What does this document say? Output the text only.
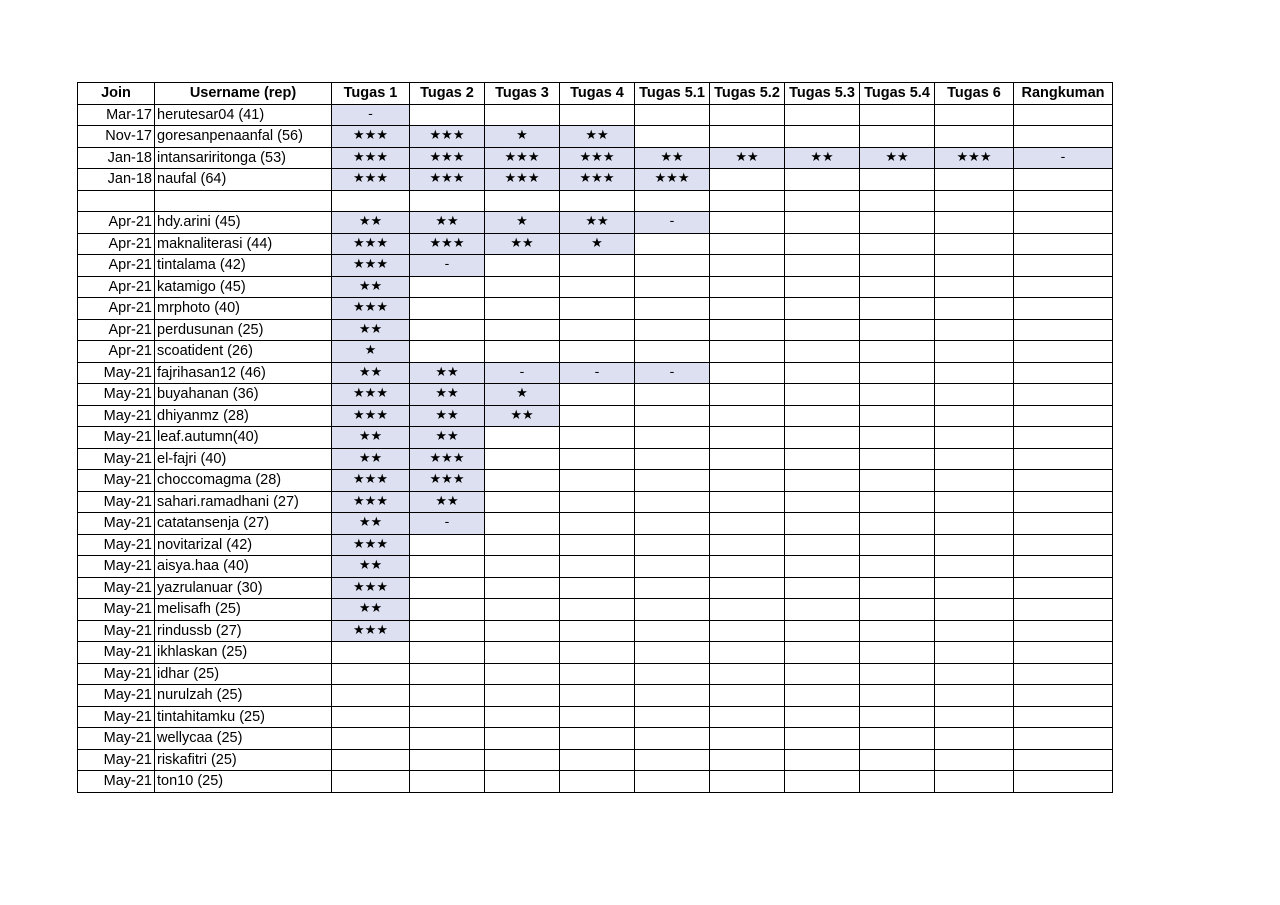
Join	Username (rep)	Tugas 1	Tugas 2	Tugas 3	Tugas 4	Tugas 5.1	Tugas 5.2	Tugas 5.3	Tugas 5.4	Tugas 6	Rangkuman
Mar-17	herutesar04 (41)	-									
Nov-17	goresanpenaanfal (56)	★★★	★★★	★	★★						
Jan-18	intansariritonga (53)	★★★	★★★	★★★	★★★	★★	★★	★★	★★	★★★	-
Jan-18	naufal (64)	★★★	★★★	★★★	★★★	★★★					

Apr-21	hdy.arini (45)	★★	★★	★	★★	-					
Apr-21	maknaliterasi (44)	★★★	★★★	★★	★						
Apr-21	tintalama (42)	★★★	-								
Apr-21	katamigo (45)	★★									
Apr-21	mrphoto (40)	★★★									
Apr-21	perdusunan (25)	★★									
Apr-21	scoatident (26)	★									
May-21	fajrihasan12 (46)	★★	★★	-	-	-					
May-21	buyahanan (36)	★★★	★★	★							
May-21	dhiyanmz (28)	★★★	★★	★★							
May-21	leaf.autumn(40)	★★	★★								
May-21	el-fajri (40)	★★	★★★								
May-21	choccomagma (28)	★★★	★★★								
May-21	sahari.ramadhani (27)	★★★	★★								
May-21	catatansenja (27)	★★	-								
May-21	novitarizal (42)	★★★									
May-21	aisya.haa (40)	★★									
May-21	yazrulanuar (30)	★★★									
May-21	melisafh (25)	★★									
May-21	rindussb (27)	★★★									
May-21	ikhlaskan (25)										
May-21	idhar (25)										
May-21	nurulzah (25)										
May-21	tintahitamku (25)										
May-21	wellycaa (25)										
May-21	riskafitri (25)										
May-21	ton10 (25)										
